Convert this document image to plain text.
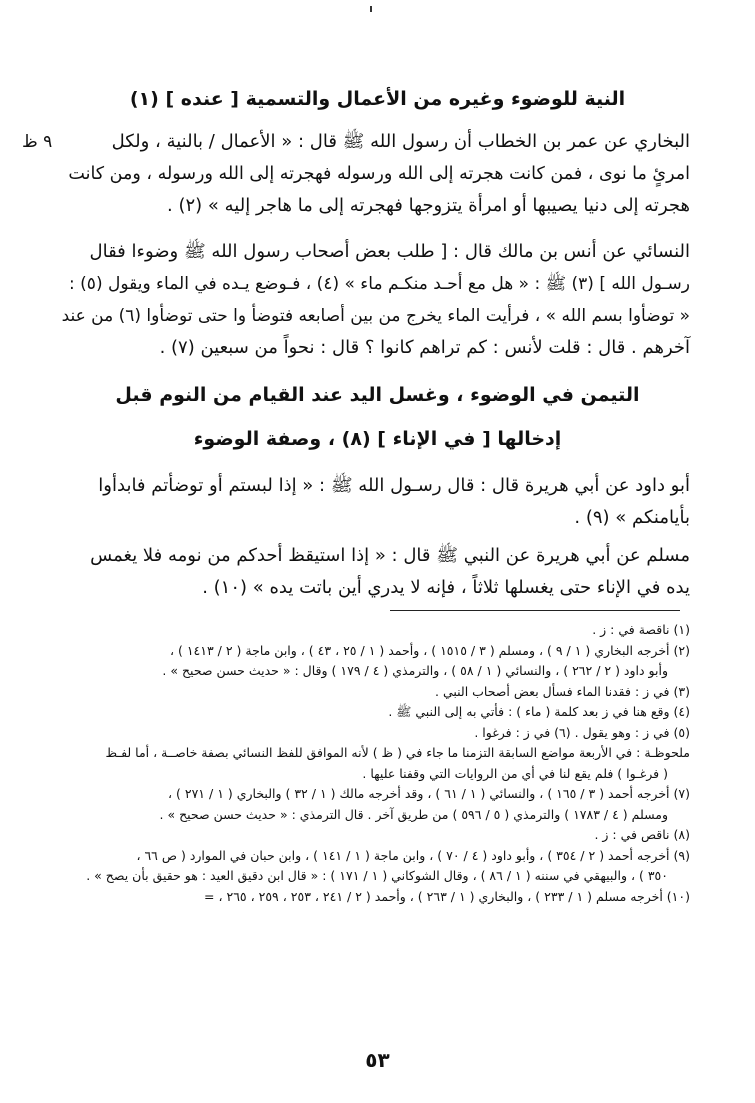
النية للوضوء وغيره من الأعمال والتسمية [ عنده ] (١)
٩ ظ	البخاري عن عمر بن الخطاب أن رسول الله ﷺ قال : « الأعمال / بالنية ، ولكل
امرئٍ ما نوى ، فمن كانت هجرته إلى الله ورسوله فهجرته إلى الله ورسوله ، ومن كانت
هجرته إلى دنيا يصيبها أو امرأة يتزوجها فهجرته إلى ما هاجر إليه » (٢) .
النسائي عن أنس بن مالك قال : [ طلب بعض أصحاب رسول الله ﷺ وضوءا فقال
رسـول الله ] (٣) ﷺ : « هل مع أحـد منكـم ماء » (٤) ، فـوضع يـده في الماء ويقول (٥) :
« توضأوا بسم الله » ، فرأيت الماء يخرج من بين أصابعه فتوضأ وا حتى توضأوا (٦) من عند
آخرهم . قال : قلت لأنس : كم تراهم كانوا ؟ قال : نحواً من سبعين (٧) .
التيمن في الوضوء ، وغسل اليد عند القيام من النوم قبل
إدخالها [ في الإناء ] (٨) ، وصفة الوضوء
أبو داود عن أبي هريرة قال : قال رسـول الله ﷺ : « إذا لبستم أو توضأتم فابدأوا
بأيامنكم » (٩) .
مسلم عن أبي هريرة عن النبي ﷺ قال : « إذا استيقظ أحدكم من نومه فلا يغمس
يده في الإناء حتى يغسلها ثلاثاً ، فإنه لا يدري أين باتت يده » (١٠) .
(١) ناقصة في : ز .
(٢) أخرجه البخاري ( ١ / ٩ ) ، ومسلم ( ٣ / ١٥١٥ ) ، وأحمد ( ١ / ٢٥ ، ٤٣ ) ، وابن ماجة ( ٢ / ١٤١٣ ) ،
وأبو داود ( ٢ / ٢٦٢ ) ، والنسائي ( ١ / ٥٨ ) ، والترمذي ( ٤ / ١٧٩ ) وقال : « حديث حسن صحيح » .
(٣) في ز : فقدنا الماء فسأل بعض أصحاب النبي .
(٤) وقع هنا في ز بعد كلمة ( ماء ) : فأتي به إلى النبي ﷺ .
(٥) في ز : وهو يقول . (٦) في ز : فرغوا .
ملحوظـة : في الأربعة مواضع السابقة التزمنا ما جاء في ( ظ ) لأنه الموافق للفظ النسائي بصفة خاصــة ، أما لفـظ
( فرغـوا ) فلم يقع لنا في أي من الروايات التي وقفنا عليها .
(٧) أخرجه أحمد ( ٣ / ١٦٥ ) ، والنسائي ( ١ / ٦١ ) ، وقد أخرجه مالك ( ١ / ٣٢ ) والبخاري ( ١ / ٢٧١ ) ،
ومسلم ( ٤ / ١٧٨٣ ) والترمذي ( ٥ / ٥٩٦ ) من طريق آخر . قال الترمذي : « حديث حسن صحيح » .
(٨) ناقص في : ز .
(٩) أخرجه أحمد ( ٢ / ٣٥٤ ) ، وأبو داود ( ٤ / ٧٠ ) ، وابن ماجة ( ١ / ١٤١ ) ، وابن حبان في الموارد ( ص ٦٦ ،
٣٥٠ ) ، والبيهقي في سننه ( ١ / ٨٦ ) ، وقال الشوكاني ( ١ / ١٧١ ) : « قال ابن دقيق العيد : هو حقيق بأن يصح » .
(١٠) أخرجه مسلم ( ١ / ٢٣٣ ) ، والبخاري ( ١ / ٢٦٣ ) ، وأحمد ( ٢ / ٢٤١ ، ٢٥٣ ، ٢٥٩ ، ٢٦٥ ، =
٥٣
